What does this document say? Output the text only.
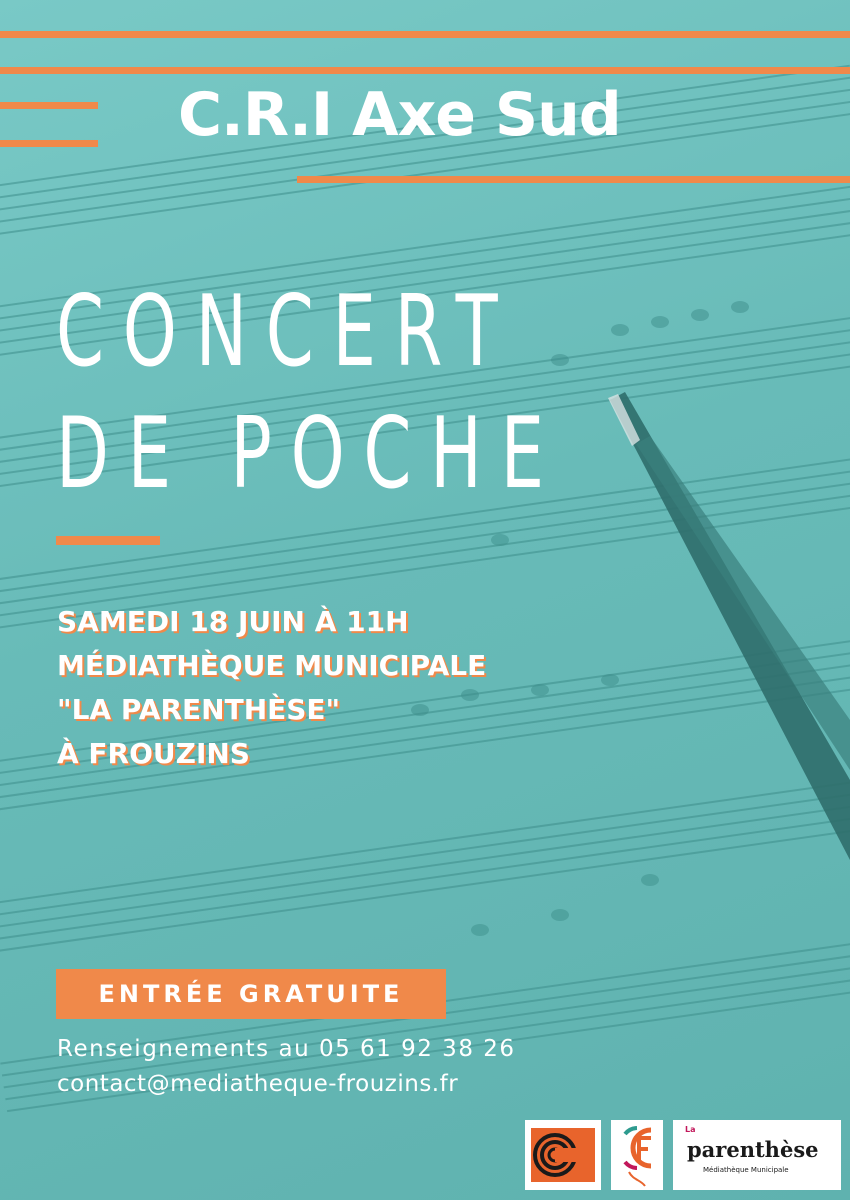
C.R.I Axe Sud
CONCERT
DE POCHE
SAMEDI 18 JUIN À 11H
MÉDIATHÈQUE MUNICIPALE
"LA PARENTHÈSE"
À FROUZINS
ENTRÉE GRATUITE
Renseignements au 05 61 92 38 26
contact@mediatheque-frouzins.fr
La
parenthèse
Médiathèque Municipale
